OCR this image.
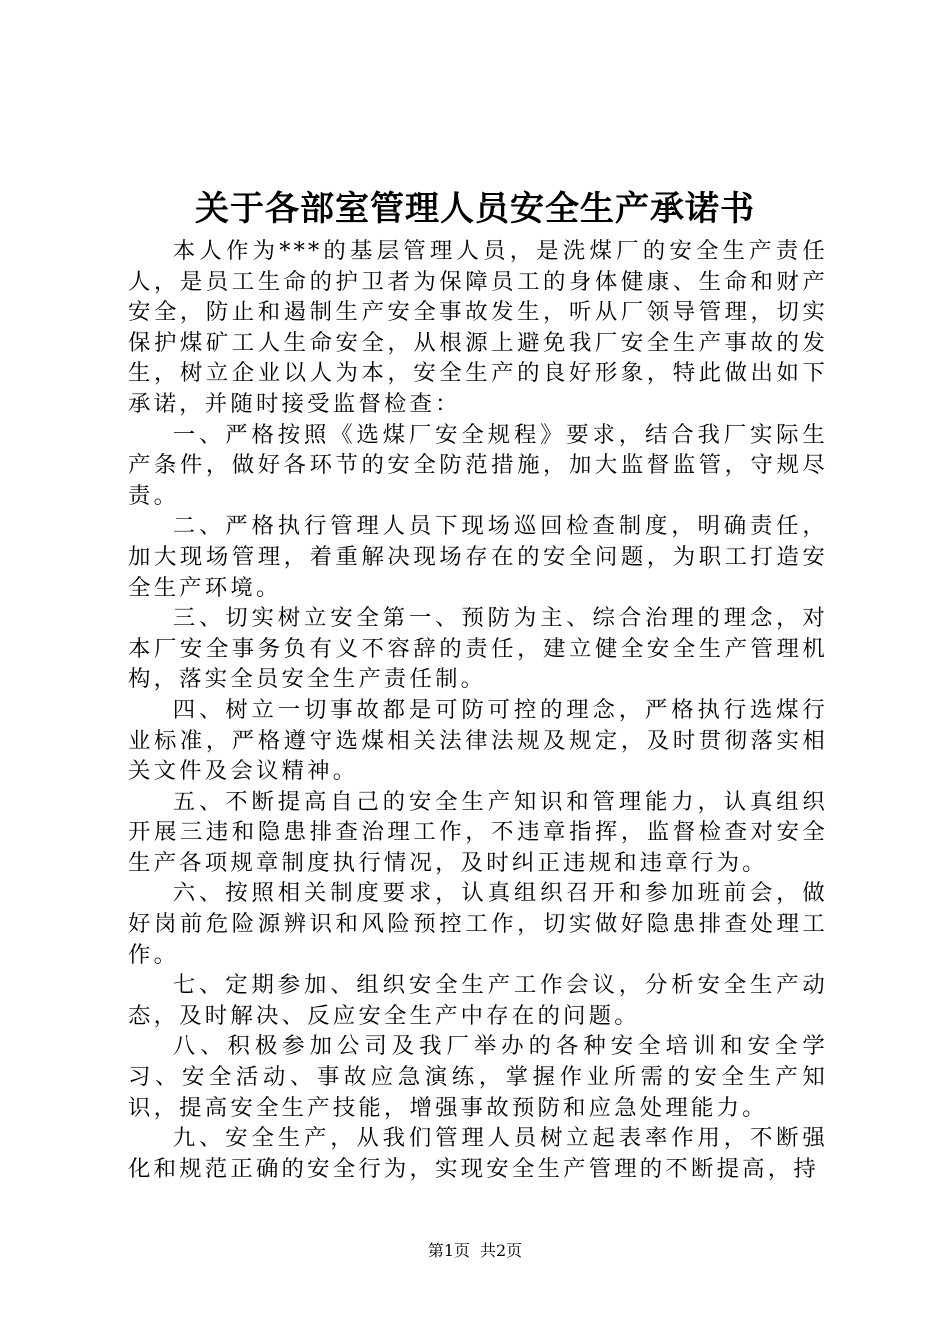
关于各部室管理人员安全生产承诺书

本人作为***的基层管理人员，是洗煤厂的安全生产责任人，是员工生命的护卫者为保障员工的身体健康、生命和财产安全，防止和遏制生产安全事故发生，听从厂领导管理，切实保护煤矿工人生命安全，从根源上避免我厂安全生产事故的发生，树立企业以人为本，安全生产的良好形象，特此做出如下承诺，并随时接受监督检查：

一、严格按照《选煤厂安全规程》要求，结合我厂实际生产条件，做好各环节的安全防范措施，加大监督监管，守规尽责。

二、严格执行管理人员下现场巡回检查制度，明确责任，加大现场管理，着重解决现场存在的安全问题，为职工打造安全生产环境。

三、切实树立安全第一、预防为主、综合治理的理念，对本厂安全事务负有义不容辞的责任，建立健全安全生产管理机构，落实全员安全生产责任制。

四、树立一切事故都是可防可控的理念，严格执行选煤行业标准，严格遵守选煤相关法律法规及规定，及时贯彻落实相关文件及会议精神。

五、不断提高自己的安全生产知识和管理能力，认真组织开展三违和隐患排查治理工作，不违章指挥，监督检查对安全生产各项规章制度执行情况，及时纠正违规和违章行为。

六、按照相关制度要求，认真组织召开和参加班前会，做好岗前危险源辨识和风险预控工作，切实做好隐患排查处理工作。

七、定期参加、组织安全生产工作会议，分析安全生产动态，及时解决、反应安全生产中存在的问题。

八、积极参加公司及我厂举办的各种安全培训和安全学习、安全活动、事故应急演练，掌握作业所需的安全生产知识，提高安全生产技能，增强事故预防和应急处理能力。

九、安全生产，从我们管理人员树立起表率作用，不断强化和规范正确的安全行为，实现安全生产管理的不断提高，持

第1页 共2页
